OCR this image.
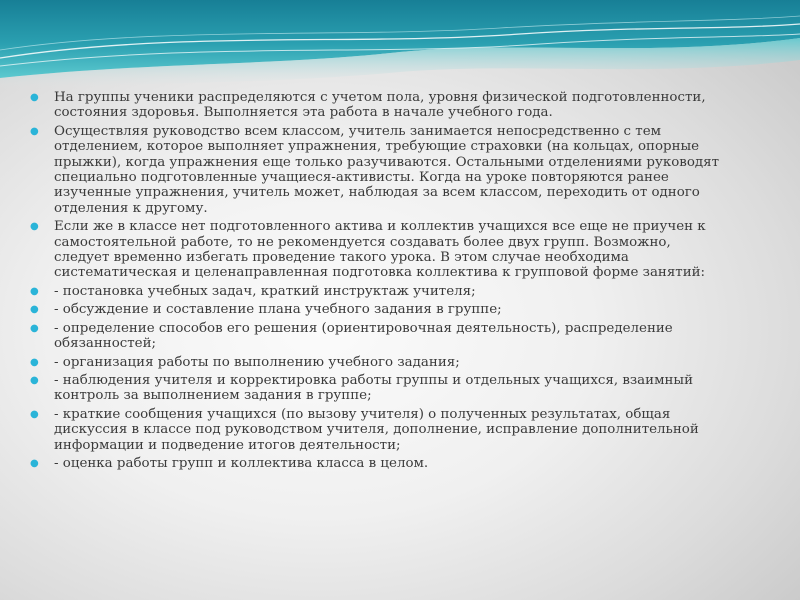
● На группы ученики распределяются с учетом пола, уровня физической подготовленности, состояния здоровья. Выполняется эта работа в начале учебного года.
● Осуществляя руководство всем классом, учитель занимается непосредственно с тем отделением, которое выполняет упражнения, требующие страховки (на кольцах, опорные прыжки), когда упражнения еще только разучиваются. Остальными отделениями руководят специально подготовленные учащиеся-активисты. Когда на уроке повторяются ранее изученные упражнения, учитель может, наблюдая за всем классом, переходить от одного отделения к другому.
● Если же в классе нет подготовленного актива и коллектив учащихся все еще не приучен к самостоятельной работе, то не рекомендуется создавать более двух групп. Возможно, следует временно избегать проведение такого урока. В этом случае необходима систематическая и целенаправленная подготовка коллектива к групповой форме занятий:
● - постановка учебных задач, краткий инструктаж учителя;
● - обсуждение и составление плана учебного задания в группе;
● - определение способов его решения (ориентировочная деятельность), распределение обязанностей;
● - организация работы по выполнению учебного задания;
● - наблюдения учителя и корректировка работы группы и отдельных учащихся, взаимный контроль за выполнением задания в группе;
● - краткие сообщения учащихся (по вызову учителя) о полученных результатах, общая дискуссия в классе под руководством учителя, дополнение, исправление дополнительной информации и подведение итогов деятельности;
● - оценка работы групп и коллектива класса в целом.
